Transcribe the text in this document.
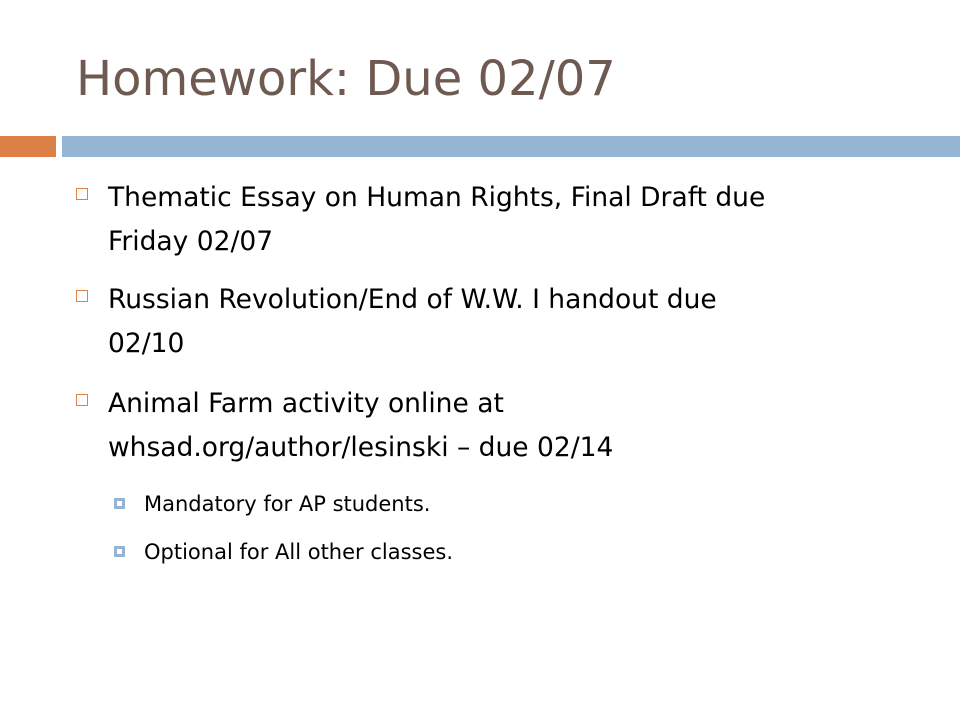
Homework: Due 02/07
Thematic Essay on Human Rights, Final Draft due
Friday 02/07
Russian Revolution/End of W.W. I handout due
02/10
Animal Farm activity online at
whsad.org/author/lesinski – due 02/14
Mandatory for AP students.
Optional for All other classes.
